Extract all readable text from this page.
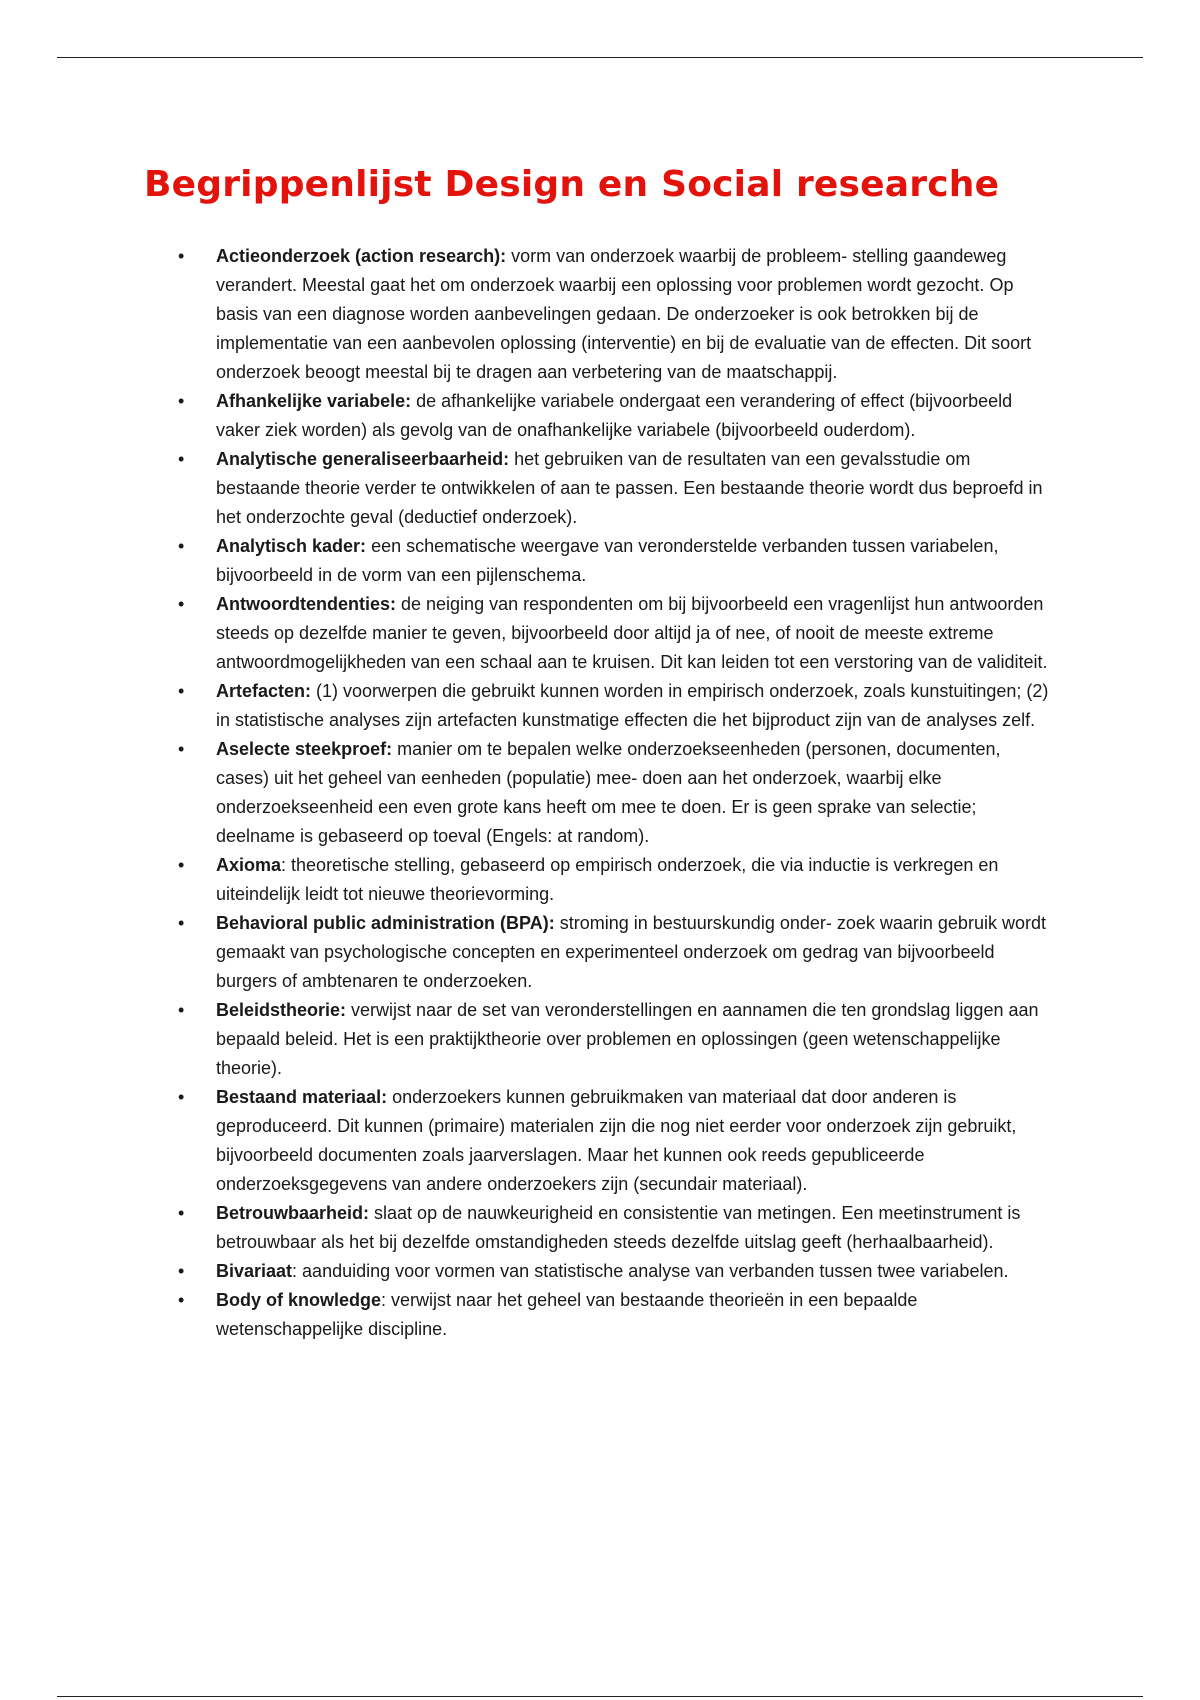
Begrippenlijst Design en Social researche
•	Actieonderzoek (action research): vorm van onderzoek waarbij de probleem- stelling gaandeweg verandert. Meestal gaat het om onderzoek waarbij een oplossing voor problemen wordt gezocht. Op basis van een diagnose worden aanbevelingen gedaan. De onderzoeker is ook betrokken bij de implementatie van een aanbevolen oplossing (interventie) en bij de evaluatie van de effecten. Dit soort onderzoek beoogt meestal bij te dragen aan verbetering van de maatschappij.
•	Afhankelijke variabele: de afhankelijke variabele ondergaat een verandering of effect (bijvoorbeeld vaker ziek worden) als gevolg van de onafhankelijke variabele (bijvoorbeeld ouderdom).
•	Analytische generaliseerbaarheid: het gebruiken van de resultaten van een gevalsstudie om bestaande theorie verder te ontwikkelen of aan te passen. Een bestaande theorie wordt dus beproefd in het onderzochte geval (deductief onderzoek).
•	Analytisch kader: een schematische weergave van veronderstelde verbanden tussen variabelen, bijvoorbeeld in de vorm van een pijlenschema.
•	Antwoordtendenties: de neiging van respondenten om bij bijvoorbeeld een vragenlijst hun antwoorden steeds op dezelfde manier te geven, bijvoorbeeld door altijd ja of nee, of nooit de meeste extreme antwoordmogelijkheden van een schaal aan te kruisen. Dit kan leiden tot een verstoring van de validiteit.
•	Artefacten: (1) voorwerpen die gebruikt kunnen worden in empirisch onderzoek, zoals kunstuitingen; (2) in statistische analyses zijn artefacten kunstmatige effecten die het bijproduct zijn van de analyses zelf.
•	Aselecte steekproef: manier om te bepalen welke onderzoekseenheden (personen, documenten, cases) uit het geheel van eenheden (populatie) mee- doen aan het onderzoek, waarbij elke onderzoekseenheid een even grote kans heeft om mee te doen. Er is geen sprake van selectie; deelname is gebaseerd op toeval (Engels: at random).
•	Axioma: theoretische stelling, gebaseerd op empirisch onderzoek, die via inductie is verkregen en uiteindelijk leidt tot nieuwe theorievorming.
•	Behavioral public administration (BPA): stroming in bestuurskundig onder- zoek waarin gebruik wordt gemaakt van psychologische concepten en experimenteel onderzoek om gedrag van bijvoorbeeld burgers of ambtenaren te onderzoeken.
•	Beleidstheorie: verwijst naar de set van veronderstellingen en aannamen die ten grondslag liggen aan bepaald beleid. Het is een praktijktheorie over problemen en oplossingen (geen wetenschappelijke theorie).
•	Bestaand materiaal: onderzoekers kunnen gebruikmaken van materiaal dat door anderen is geproduceerd. Dit kunnen (primaire) materialen zijn die nog niet eerder voor onderzoek zijn gebruikt, bijvoorbeeld documenten zoals jaarverslagen. Maar het kunnen ook reeds gepubliceerde onderzoeksgegevens van andere onderzoekers zijn (secundair materiaal).
•	Betrouwbaarheid: slaat op de nauwkeurigheid en consistentie van metingen. Een meetinstrument is betrouwbaar als het bij dezelfde omstandigheden steeds dezelfde uitslag geeft (herhaalbaarheid).
•	Bivariaat: aanduiding voor vormen van statistische analyse van verbanden tussen twee variabelen.
•	Body of knowledge: verwijst naar het geheel van bestaande theorieën in een bepaalde wetenschappelijke discipline.
